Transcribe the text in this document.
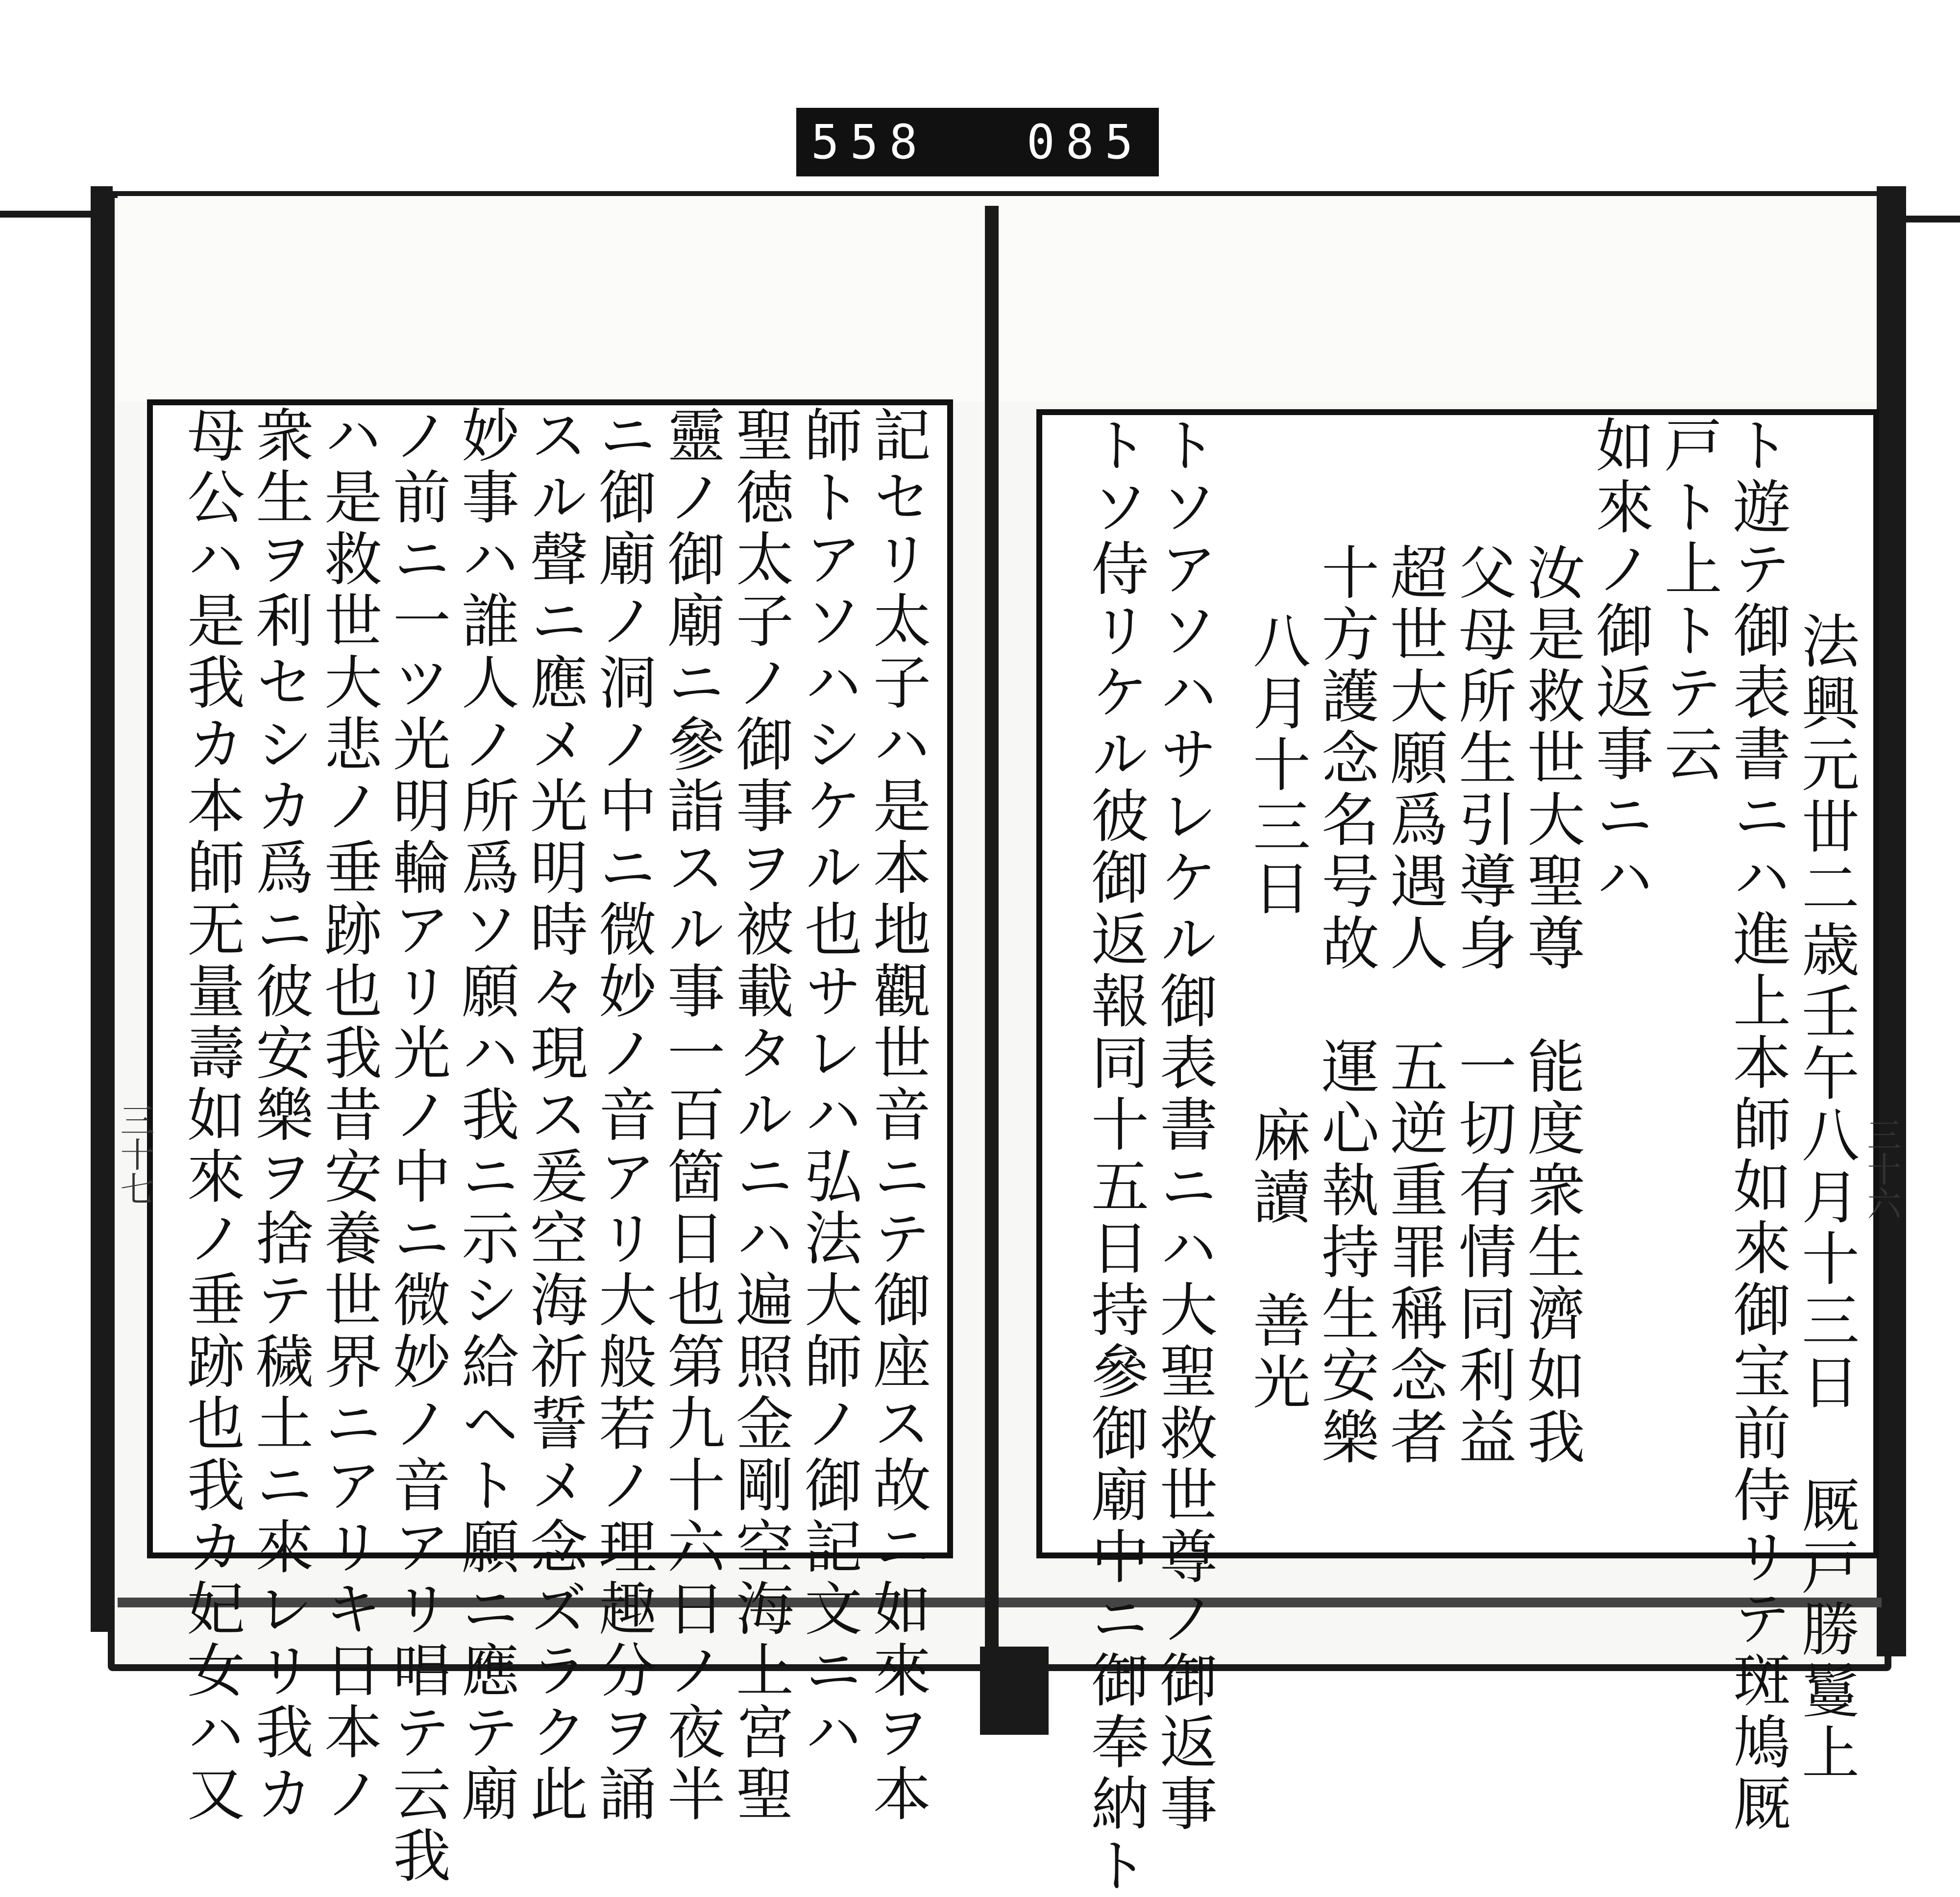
558 085
記セリ太子ハ是本地觀世音ニテ御座ス故ニ如來ヲ本
師トアソハシケル也サレハ弘法大師ノ御記文ニハ
聖徳太子ノ御事ヲ被載タルニハ遍照金剛空海上宮聖
靈ノ御廟ニ參詣スル事一百箇日也第九十六日ノ夜半
ニ御廟ノ洞ノ中ニ微妙ノ音アリ大般若ノ理趣分ヲ誦
スル聲ニ應メ光明時々現ス爰空海祈誓メ念ズラク此
妙事ハ誰人ノ所爲ソ願ハ我ニ示シ給ヘト願ニ應テ廟
ノ前ニ一ツ光明輪アリ光ノ中ニ微妙ノ音アリ唱テ云我
ハ是救世大悲ノ垂跡也我昔安養世界ニアリキ日本ノ
衆生ヲ利セシカ爲ニ彼安樂ヲ捨テ穢土ニ來レリ我カ
母公ハ是我カ本師无量壽如來ノ垂跡也我カ妃女ハ又
三十七	法興元丗二歳壬午八月十三日　厩戸勝鬘上
ト遊テ御表書ニハ進上本師如來御宝前侍リテ斑鳩厩
戸ト上トテ云
如來ノ御返事ニハ
汝是救世大聖尊　能度衆生濟如我
父母所生引導身　一切有情同利益
超世大願爲遇人　五逆重罪稱念者
十方護念名号故　運心執持生安樂
八月十三日　　　麻讀　善光
トソアソハサレケル御表書ニハ大聖救世尊ノ御返事
トソ侍リケル彼御返報同十五日持參御廟中ニ御奉納ト	三十六
